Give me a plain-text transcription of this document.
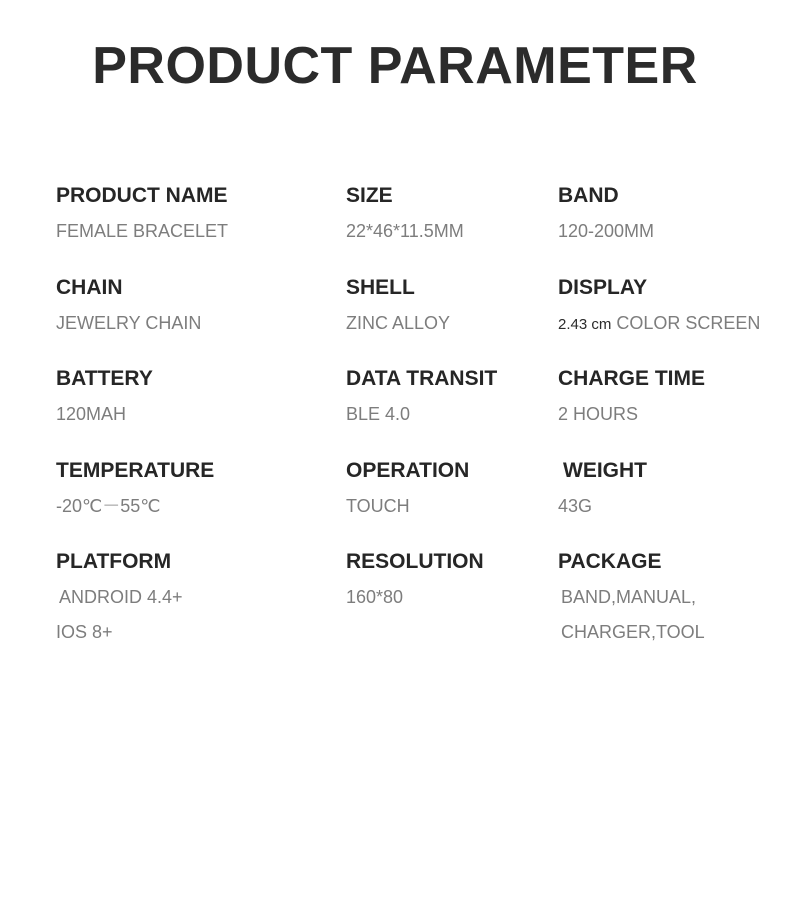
PRODUCT PARAMETER
PRODUCT NAME
FEMALE BRACELET
SIZE
22*46*11.5MM
BAND
120-200MM
CHAIN
JEWELRY CHAIN
SHELL
ZINC ALLOY
DISPLAY
2.43 cm COLOR SCREEN
BATTERY
120MAH
DATA TRANSIT
BLE 4.0
CHARGE TIME
2 HOURS
TEMPERATURE
-20℃－55℃
OPERATION
TOUCH
WEIGHT
43G
PLATFORM
ANDROID 4.4+
IOS 8+
RESOLUTION
160*80
PACKAGE
BAND,MANUAL,
CHARGER,TOOL
